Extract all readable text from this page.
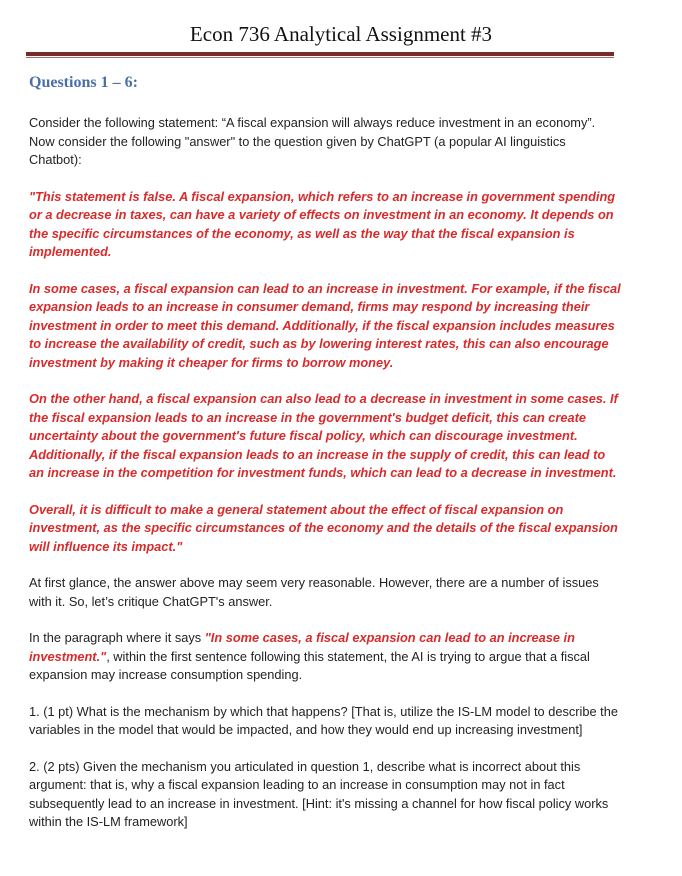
Econ 736 Analytical Assignment #3
Questions 1 – 6:

Consider the following statement: “A fiscal expansion will always reduce investment in an economy”. Now consider the following "answer" to the question given by ChatGPT (a popular AI linguistics Chatbot):

"This statement is false. A fiscal expansion, which refers to an increase in government spending or a decrease in taxes, can have a variety of effects on investment in an economy. It depends on the specific circumstances of the economy, as well as the way that the fiscal expansion is implemented.

In some cases, a fiscal expansion can lead to an increase in investment. For example, if the fiscal expansion leads to an increase in consumer demand, firms may respond by increasing their investment in order to meet this demand. Additionally, if the fiscal expansion includes measures to increase the availability of credit, such as by lowering interest rates, this can also encourage investment by making it cheaper for firms to borrow money.

On the other hand, a fiscal expansion can also lead to a decrease in investment in some cases. If the fiscal expansion leads to an increase in the government's budget deficit, this can create uncertainty about the government's future fiscal policy, which can discourage investment. Additionally, if the fiscal expansion leads to an increase in the supply of credit, this can lead to an increase in the competition for investment funds, which can lead to a decrease in investment.

Overall, it is difficult to make a general statement about the effect of fiscal expansion on investment, as the specific circumstances of the economy and the details of the fiscal expansion will influence its impact."

At first glance, the answer above may seem very reasonable. However, there are a number of issues with it. So, let’s critique ChatGPT's answer.

In the paragraph where it says "In some cases, a fiscal expansion can lead to an increase in investment.", within the first sentence following this statement, the AI is trying to argue that a fiscal expansion may increase consumption spending.

1. (1 pt) What is the mechanism by which that happens? [That is, utilize the IS-LM model to describe the variables in the model that would be impacted, and how they would end up increasing investment]

2. (2 pts) Given the mechanism you articulated in question 1, describe what is incorrect about this argument: that is, why a fiscal expansion leading to an increase in consumption may not in fact subsequently lead to an increase in investment. [Hint: it's missing a channel for how fiscal policy works within the IS-LM framework]
